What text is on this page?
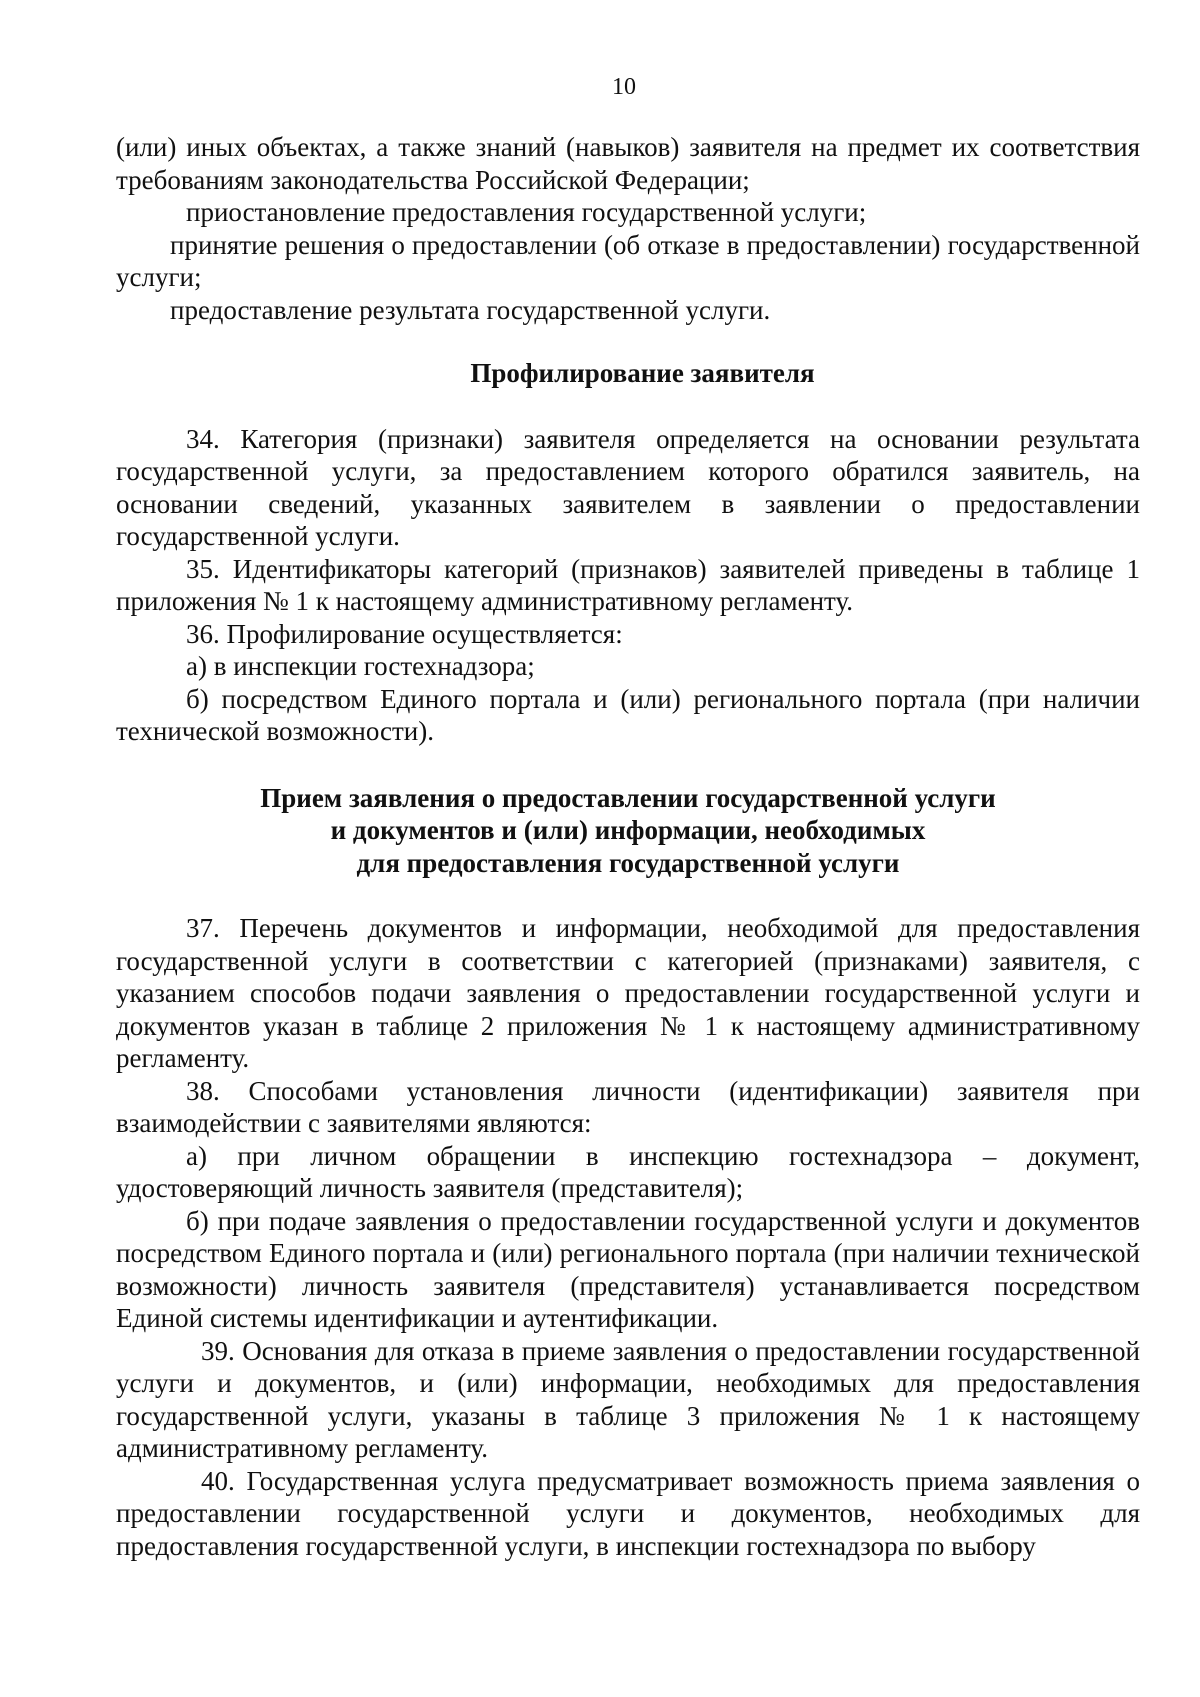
10

(или) иных объектах, а также знаний (навыков) заявителя на предмет их соответствия требованиям законодательства Российской Федерации;

приостановление предоставления государственной услуги;

принятие решения о предоставлении (об отказе в предоставлении) государственной услуги;

предоставление результата государственной услуги.

Профилирование заявителя

34. Категория (признаки) заявителя определяется на основании результата государственной услуги, за предоставлением которого обратился заявитель, на основании сведений, указанных заявителем в заявлении о предоставлении государственной услуги.

35. Идентификаторы категорий (признаков) заявителей приведены в таблице 1 приложения № 1 к настоящему административному регламенту.

36. Профилирование осуществляется:

а) в инспекции гостехнадзора;

б) посредством Единого портала и (или) регионального портала (при наличии технической возможности).

Прием заявления о предоставлении государственной услуги
и документов и (или) информации, необходимых
для предоставления государственной услуги

37. Перечень документов и информации, необходимой для предоставления государственной услуги в соответствии с категорией (признаками) заявителя, с указанием способов подачи заявления о предоставлении государственной услуги и документов указан в таблице 2 приложения № 1 к настоящему административному регламенту.

38. Способами установления личности (идентификации) заявителя при взаимодействии с заявителями являются:

а) при личном обращении в инспекцию гостехнадзора – документ, удостоверяющий личность заявителя (представителя);

б) при подаче заявления о предоставлении государственной услуги и документов посредством Единого портала и (или) регионального портала (при наличии технической возможности) личность заявителя (представителя) устанавливается посредством Единой системы идентификации и аутентификации.

39. Основания для отказа в приеме заявления о предоставлении государственной услуги и документов, и (или) информации, необходимых для предоставления государственной услуги, указаны в таблице 3 приложения № 1 к настоящему административному регламенту.

40. Государственная услуга предусматривает возможность приема заявления о предоставлении государственной услуги и документов, необходимых для предоставления государственной услуги, в инспекции гостехнадзора по выбору
